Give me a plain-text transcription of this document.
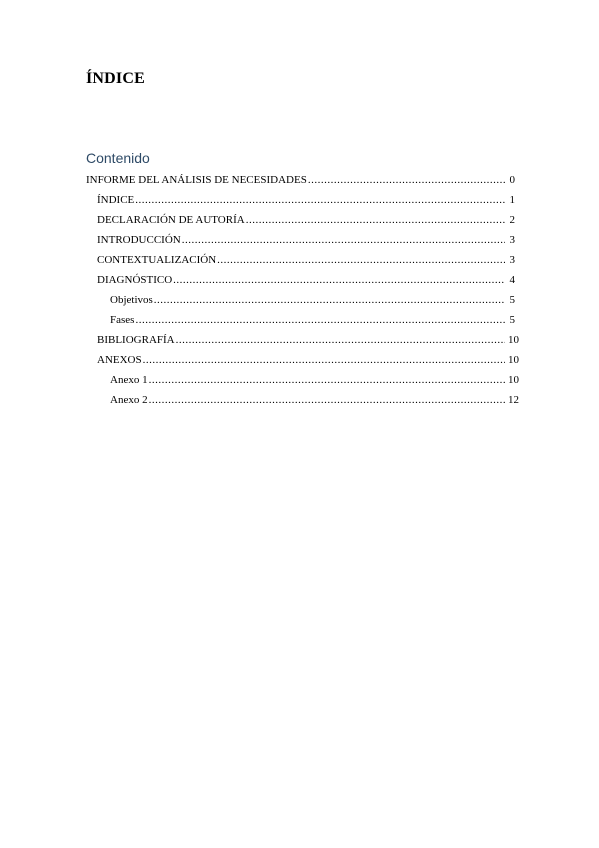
ÍNDICE
Contenido
INFORME DEL ANÁLISIS DE NECESIDADES .....	0
ÍNDICE .....	1
DECLARACIÓN DE AUTORÍA .....	2
INTRODUCCIÓN .....	3
CONTEXTUALIZACIÓN .....	3
DIAGNÓSTICO .....	4
Objetivos .....	5
Fases .....	5
BIBLIOGRAFÍA .....	10
ANEXOS .....	10
Anexo 1 .....	10
Anexo 2 .....	12
